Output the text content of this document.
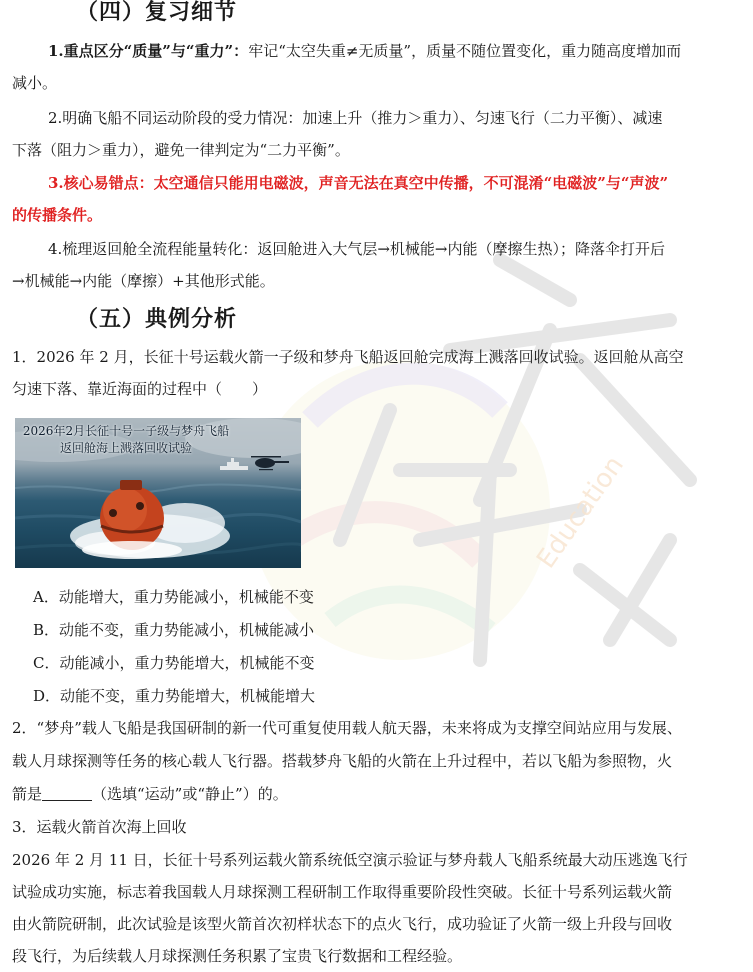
Education
（四）复习细节
1.重点区分“质量”与“重力”：牢记“太空失重≠无质量”，质量不随位置变化，重力随高度增加而
减小。
2.明确飞船不同运动阶段的受力情况：加速上升（推力＞重力）、匀速飞行（二力平衡）、减速
下落（阻力＞重力），避免一律判定为“二力平衡”。
3.核心易错点：太空通信只能用电磁波，声音无法在真空中传播，不可混淆“电磁波”与“声波”
的传播条件。
4.梳理返回舱全流程能量转化：返回舱进入大气层→机械能→内能（摩擦生热）；降落伞打开后
→机械能→内能（摩擦）+其他形式能。
（五）典例分析
1．2026 年 2 月，长征十号运载火箭一子级和梦舟飞船返回舱完成海上溅落回收试验。返回舱从高空
匀速下落、靠近海面的过程中（　　）
2026年2月长征十号一子级与梦舟飞船返回舱海上溅落回收试验
A．动能增大，重力势能减小，机械能不变
B．动能不变，重力势能减小，机械能减小
C．动能减小，重力势能增大，机械能不变
D．动能不变，重力势能增大，机械能增大
2．“梦舟”载人飞船是我国研制的新一代可重复使用载人航天器，未来将成为支撑空间站应用与发展、
载人月球探测等任务的核心载人飞行器。搭载梦舟飞船的火箭在上升过程中，若以飞船为参照物，火
箭是	（选填“运动”或“静止”）的。
3．运载火箭首次海上回收
2026 年 2 月 11 日，长征十号系列运载火箭系统低空演示验证与梦舟载人飞船系统最大动压逃逸飞行
试验成功实施，标志着我国载人月球探测工程研制工作取得重要阶段性突破。长征十号系列运载火箭
由火箭院研制，此次试验是该型火箭首次初样状态下的点火飞行，成功验证了火箭一级上升段与回收
段飞行，为后续载人月球探测任务积累了宝贵飞行数据和工程经验。
